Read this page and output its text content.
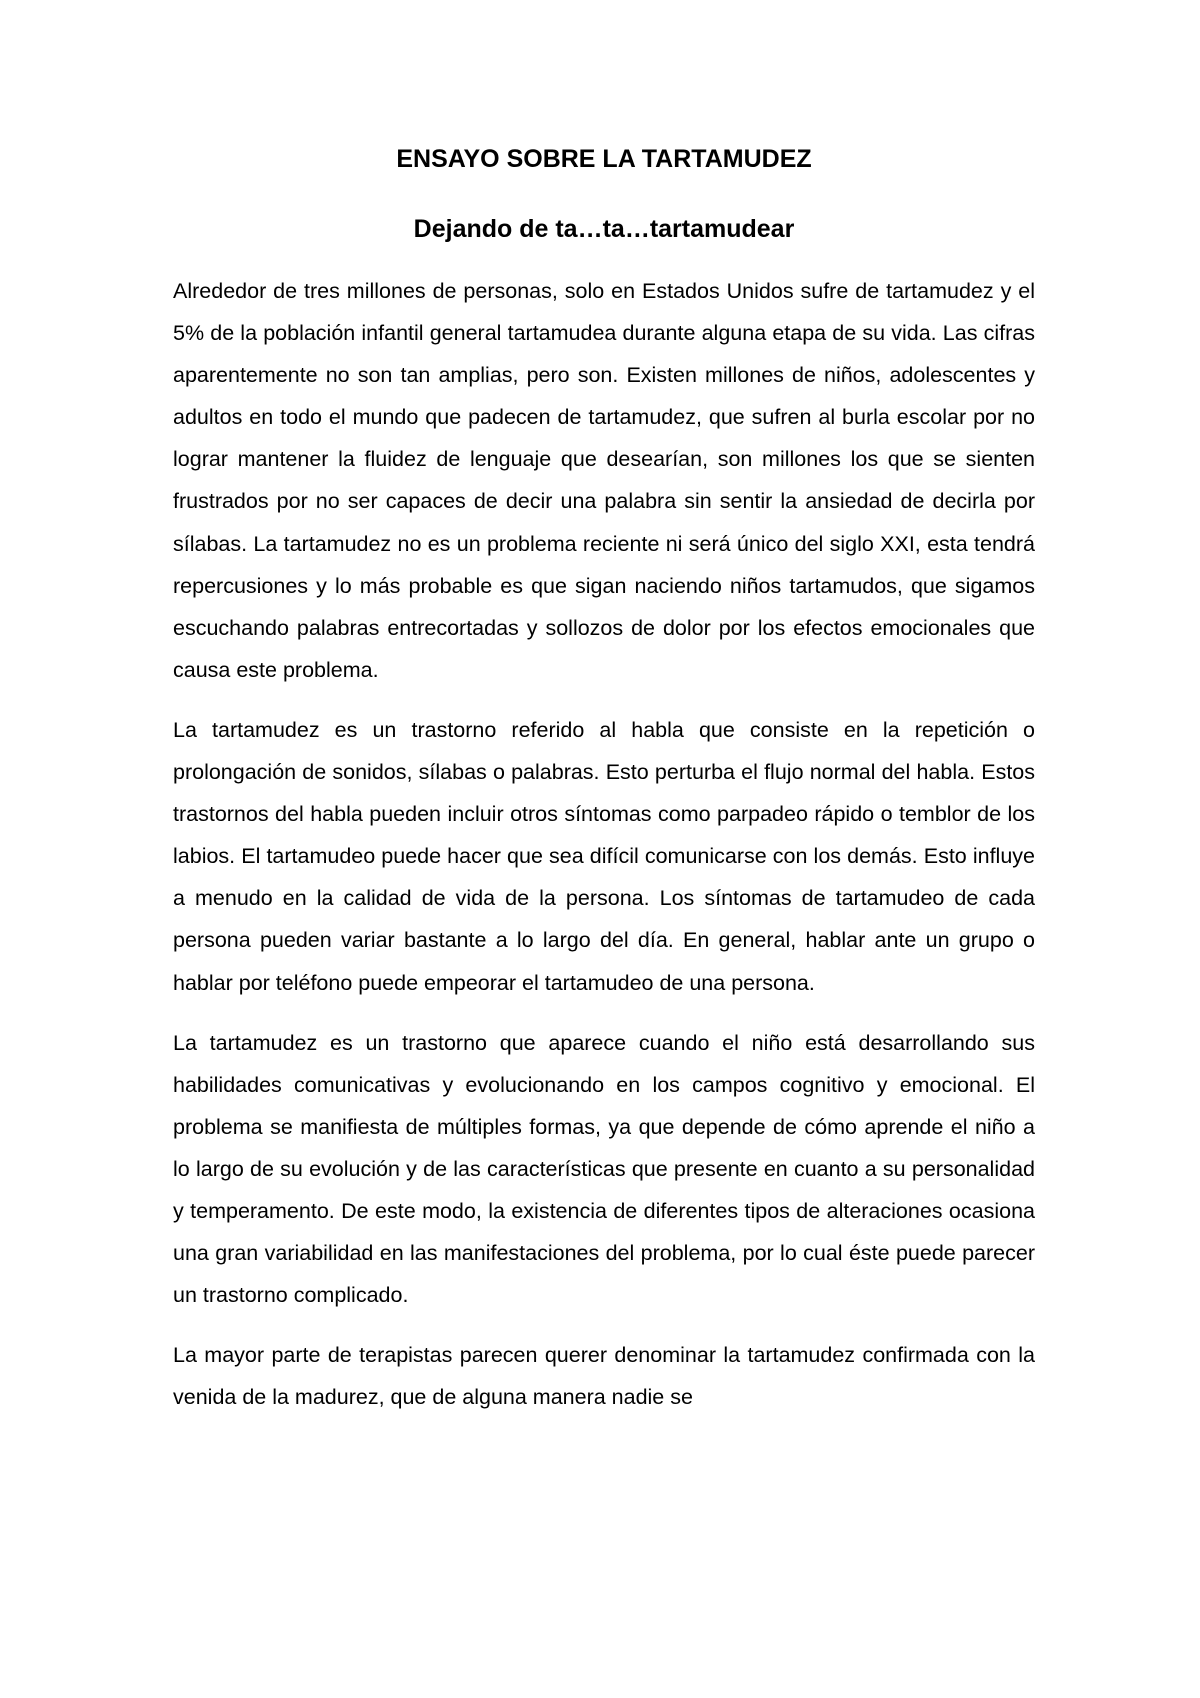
ENSAYO SOBRE LA TARTAMUDEZ
Dejando de ta…ta…tartamudear

Alrededor de tres millones de personas, solo en Estados Unidos sufre de tartamudez y el 5% de la población infantil general tartamudea durante alguna etapa de su vida. Las cifras aparentemente no son tan amplias, pero son. Existen millones de niños, adolescentes y adultos en todo el mundo que padecen de tartamudez, que sufren al burla escolar por no lograr mantener la fluidez de lenguaje que desearían, son millones los que se sienten frustrados por no ser capaces de decir una palabra sin sentir la ansiedad de decirla por sílabas. La tartamudez no es un problema reciente ni será único del siglo XXI, esta tendrá repercusiones y lo más probable es que sigan naciendo niños tartamudos, que sigamos escuchando palabras entrecortadas y sollozos de dolor por los efectos emocionales que causa este problema.

La tartamudez es un trastorno referido al habla que consiste en la repetición o prolongación de sonidos, sílabas o palabras. Esto perturba el flujo normal del habla. Estos trastornos del habla pueden incluir otros síntomas como parpadeo rápido o temblor de los labios. El tartamudeo puede hacer que sea difícil comunicarse con los demás. Esto influye a menudo en la calidad de vida de la persona. Los síntomas de tartamudeo de cada persona pueden variar bastante a lo largo del día. En general, hablar ante un grupo o hablar por teléfono puede empeorar el tartamudeo de una persona.

La tartamudez es un trastorno que aparece cuando el niño está desarrollando sus habilidades comunicativas y evolucionando en los campos cognitivo y emocional. El problema se manifiesta de múltiples formas, ya que depende de cómo aprende el niño a lo largo de su evolución y de las características que presente en cuanto a su personalidad y temperamento. De este modo, la existencia de diferentes tipos de alteraciones ocasiona una gran variabilidad en las manifestaciones del problema, por lo cual éste puede parecer un trastorno complicado.

La mayor parte de terapistas parecen querer denominar la tartamudez confirmada con la venida de la madurez, que de alguna manera nadie se
